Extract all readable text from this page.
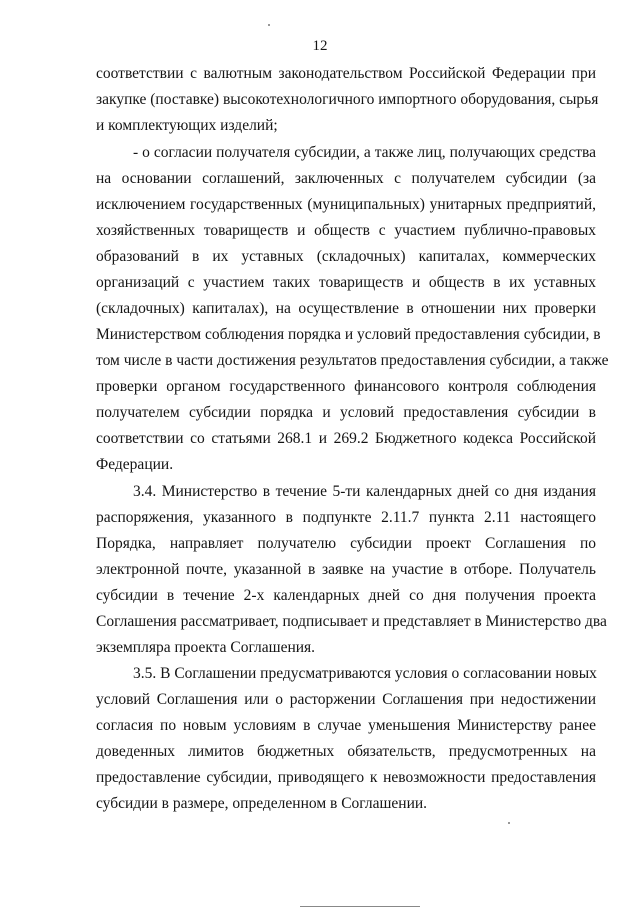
12
соответствии с валютным законодательством Российской Федерации при
закупке (поставке) высокотехнологичного импортного оборудования, сырья
и комплектующих изделий;
- о согласии получателя субсидии, а также лиц, получающих средства
на основании соглашений, заключенных с получателем субсидии (за
исключением государственных (муниципальных) унитарных предприятий,
хозяйственных товариществ и обществ с участием публично-правовых
образований в их уставных (складочных) капиталах, коммерческих
организаций с участием таких товариществ и обществ в их уставных
(складочных) капиталах), на осуществление в отношении них проверки
Министерством соблюдения порядка и условий предоставления субсидии, в
том числе в части достижения результатов предоставления субсидии, а также
проверки органом государственного финансового контроля соблюдения
получателем субсидии порядка и условий предоставления субсидии в
соответствии со статьями 268.1 и 269.2 Бюджетного кодекса Российской
Федерации.
3.4. Министерство в течение 5-ти календарных дней со дня издания
распоряжения, указанного в подпункте 2.11.7 пункта 2.11 настоящего
Порядка, направляет получателю субсидии проект Соглашения по
электронной почте, указанной в заявке на участие в отборе. Получатель
субсидии в течение 2-х календарных дней со дня получения проекта
Соглашения рассматривает, подписывает и представляет в Министерство два
экземпляра проекта Соглашения.
3.5. В Соглашении предусматриваются условия о согласовании новых
условий Соглашения или о расторжении Соглашения при недостижении
согласия по новым условиям в случае уменьшения Министерству ранее
доведенных лимитов бюджетных обязательств, предусмотренных на
предоставление субсидии, приводящего к невозможности предоставления
субсидии в размере, определенном в Соглашении.
